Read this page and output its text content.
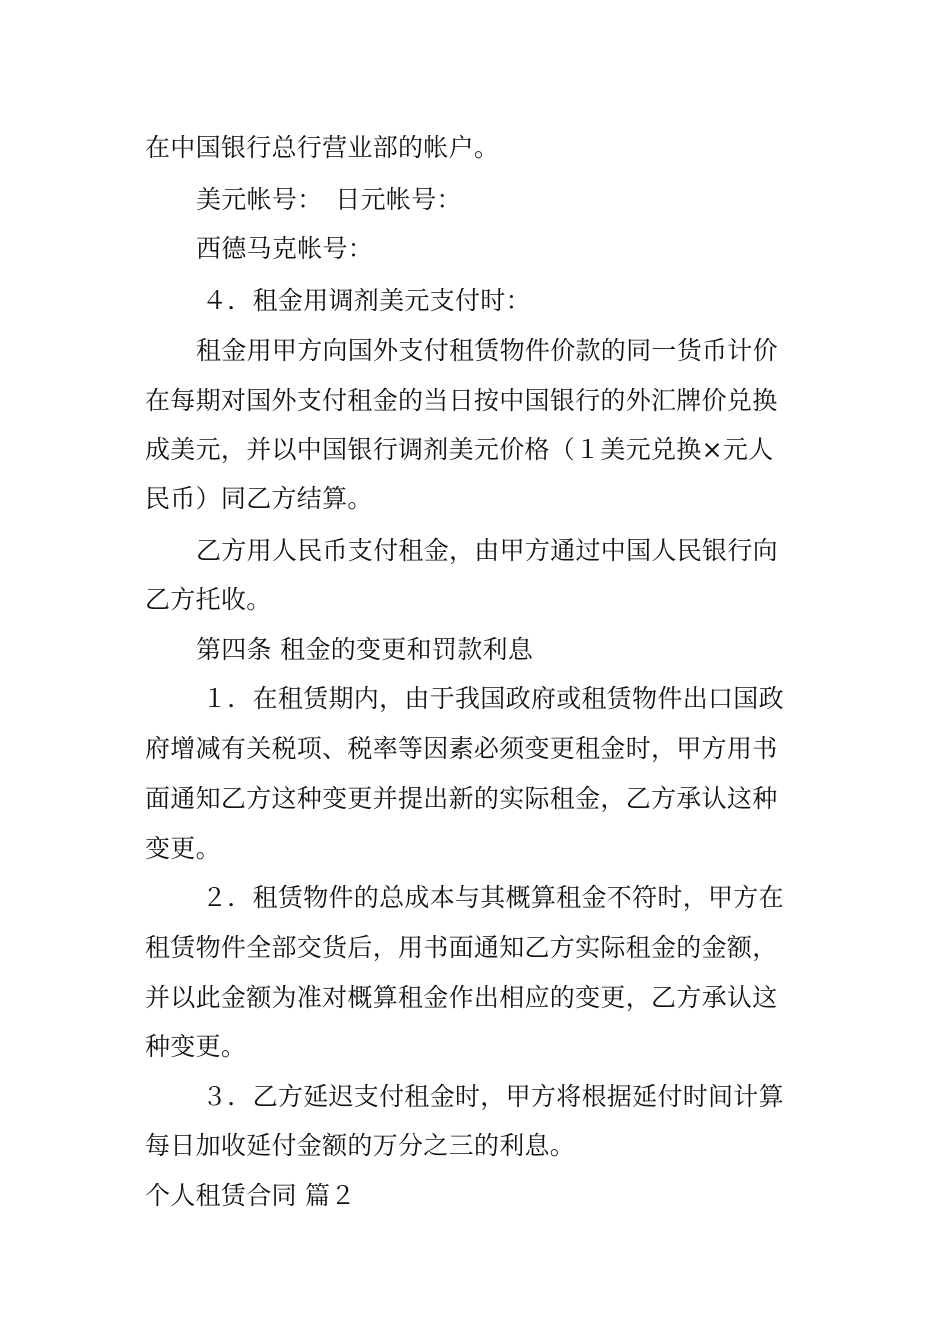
在中国银行总行营业部的帐户。
美元帐号：　日元帐号：
西德马克帐号：
４．租金用调剂美元支付时：
租金用甲方向国外支付租赁物件价款的同一货币计价
在每期对国外支付租金的当日按中国银行的外汇牌价兑换
成美元，并以中国银行调剂美元价格（１美元兑换×元人
民币）同乙方结算。
乙方用人民币支付租金，由甲方通过中国人民银行向
乙方托收。
第四条 租金的变更和罚款利息
１．在租赁期内，由于我国政府或租赁物件出口国政
府增减有关税项、税率等因素必须变更租金时，甲方用书
面通知乙方这种变更并提出新的实际租金，乙方承认这种
变更。
２．租赁物件的总成本与其概算租金不符时，甲方在
租赁物件全部交货后，用书面通知乙方实际租金的金额，
并以此金额为准对概算租金作出相应的变更，乙方承认这
种变更。
３．乙方延迟支付租金时，甲方将根据延付时间计算
每日加收延付金额的万分之三的利息。
个人租赁合同 篇２
